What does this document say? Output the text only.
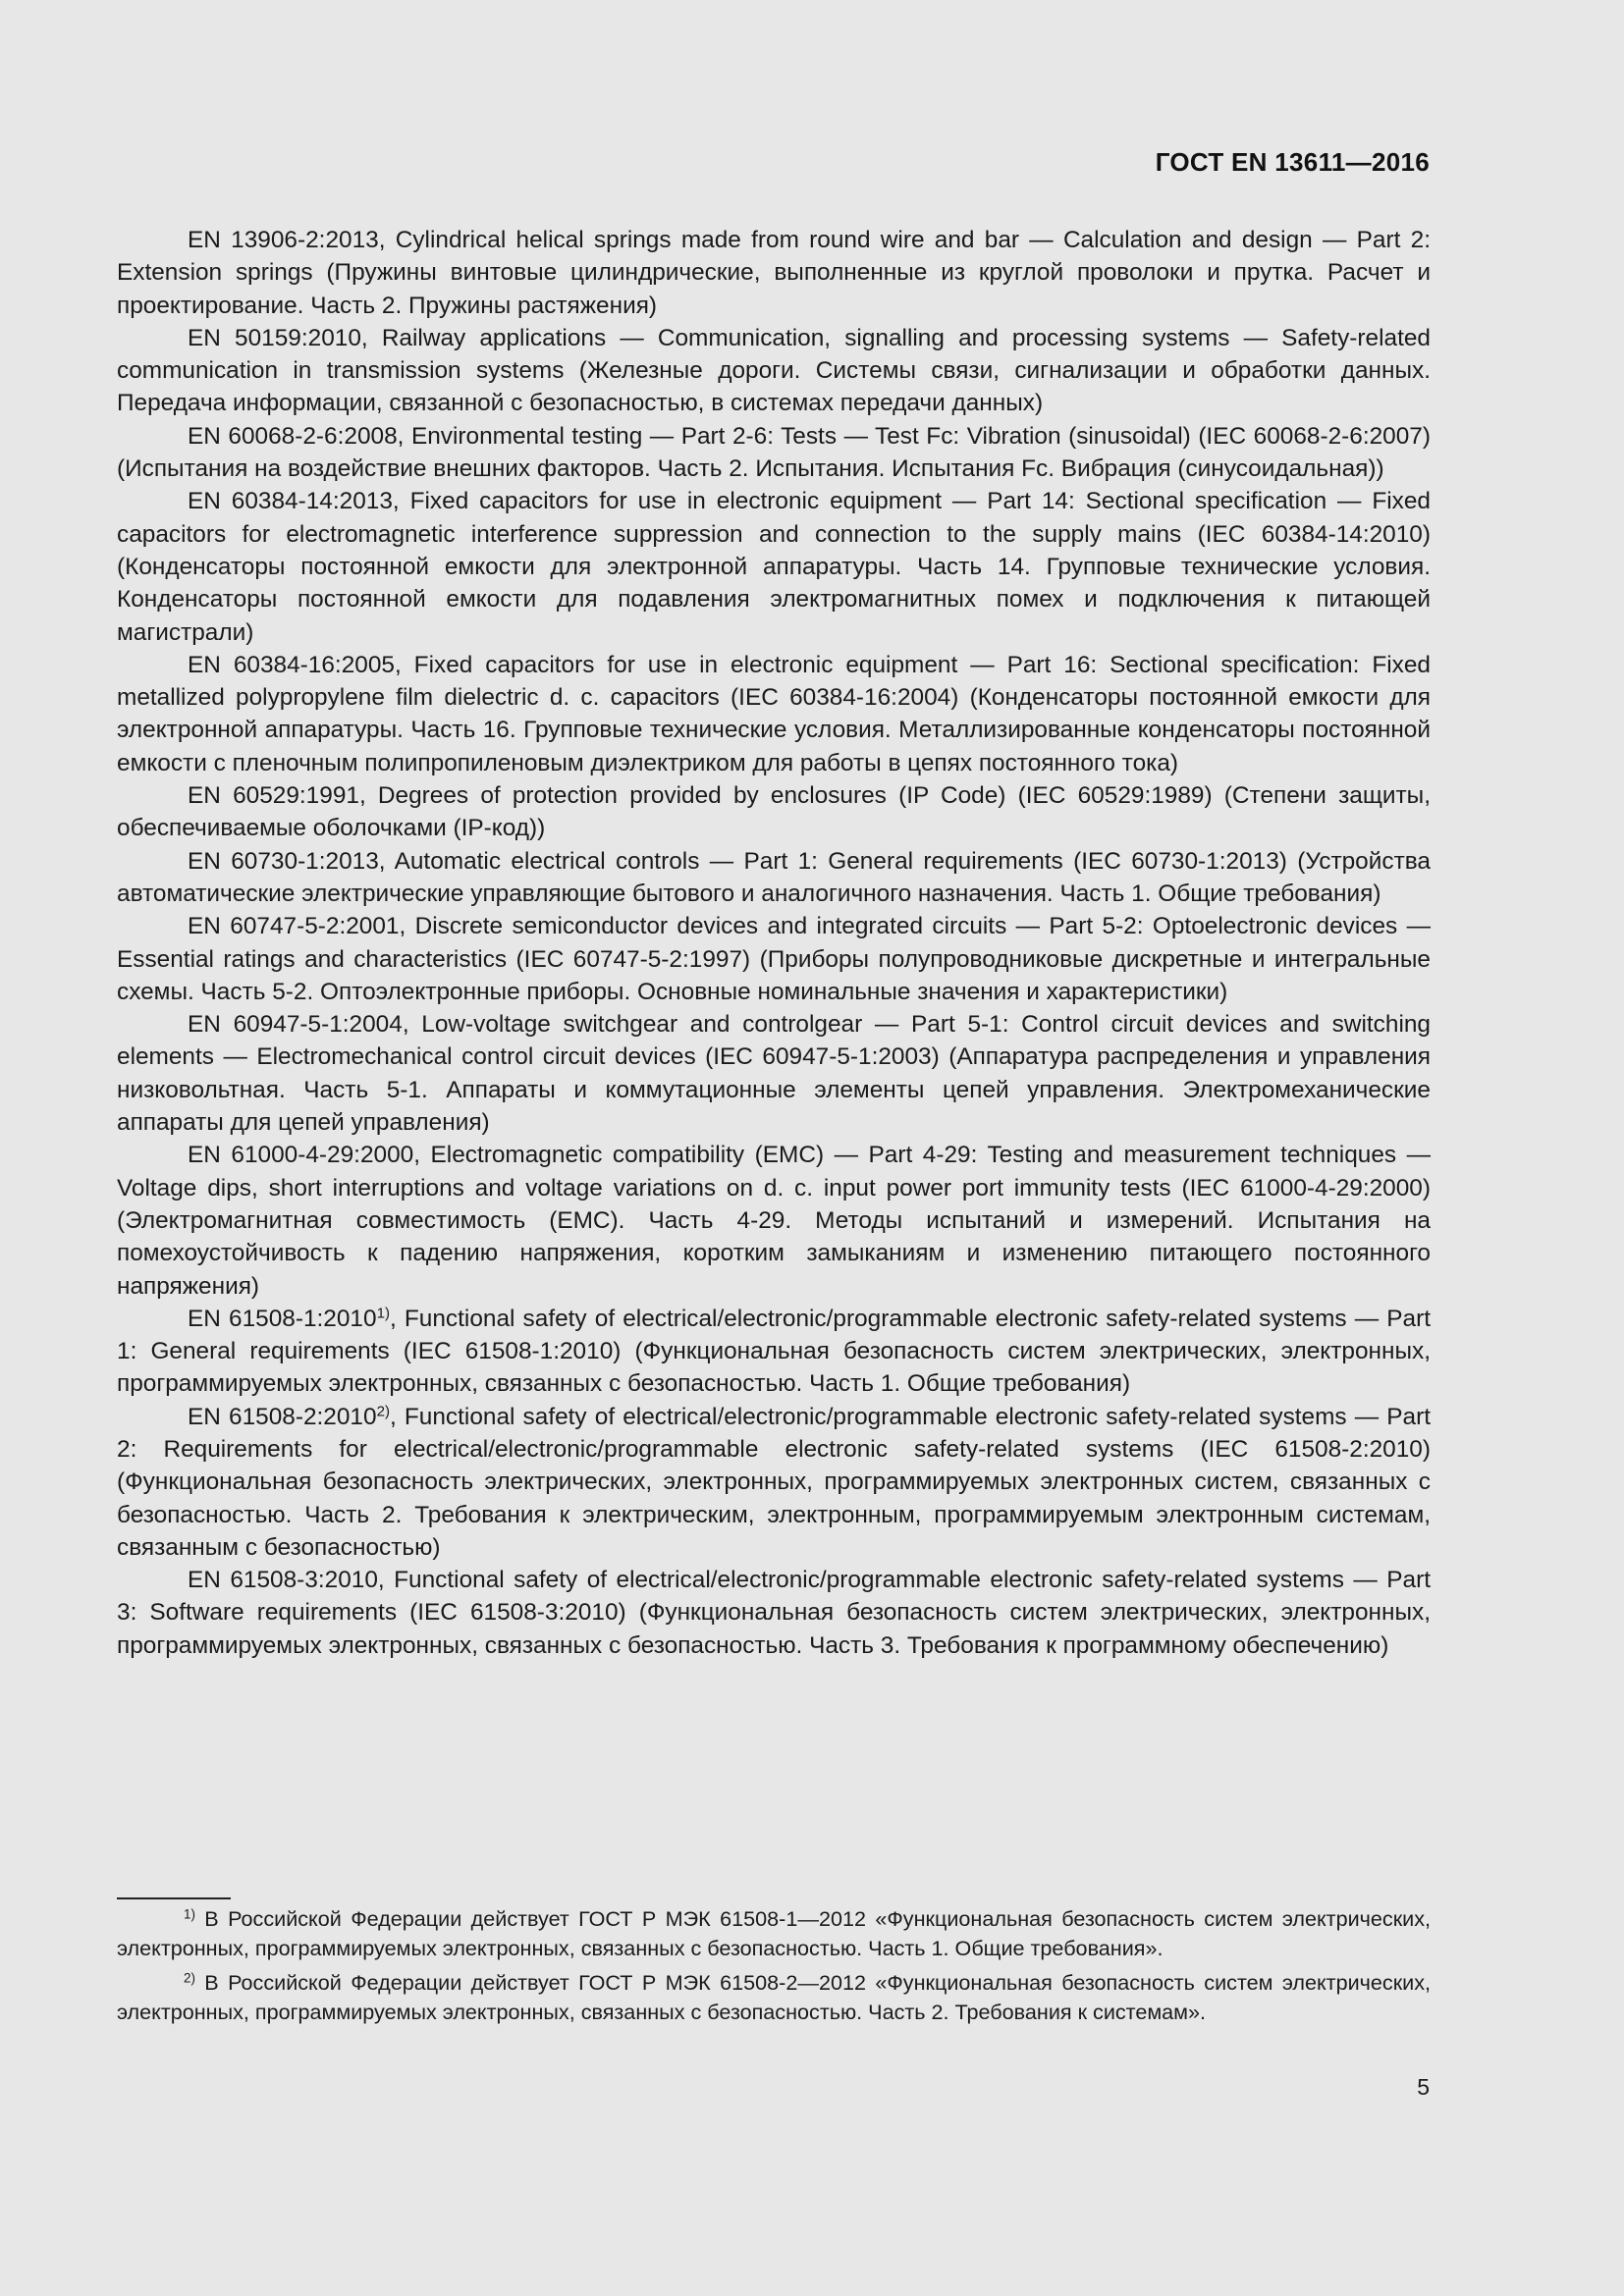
ГОСТ EN 13611—2016

EN 13906-2:2013, Cylindrical helical springs made from round wire and bar — Calculation and design — Part 2: Extension springs (Пружины винтовые цилиндрические, выполненные из круглой проволоки и прутка. Расчет и проектирование. Часть 2. Пружины растяжения)

EN 50159:2010, Railway applications — Communication, signalling and processing systems — Safety-related communication in transmission systems (Железные дороги. Системы связи, сигнализации и обработки данных. Передача информации, связанной с безопасностью, в системах передачи данных)

EN 60068-2-6:2008, Environmental testing — Part 2-6: Tests — Test Fc: Vibration (sinusoidal) (IEC 60068-2-6:2007) (Испытания на воздействие внешних факторов. Часть 2. Испытания. Испытания Fc. Вибрация (синусоидальная))

EN 60384-14:2013, Fixed capacitors for use in electronic equipment — Part 14: Sectional specification — Fixed capacitors for electromagnetic interference suppression and connection to the supply mains (IEC 60384-14:2010) (Конденсаторы постоянной емкости для электронной аппаратуры. Часть 14. Групповые технические условия. Конденсаторы постоянной емкости для подавления электромагнитных помех и подключения к питающей магистрали)

EN 60384-16:2005, Fixed capacitors for use in electronic equipment — Part 16: Sectional specification: Fixed metallized polypropylene film dielectric d. c. capacitors (IEC 60384-16:2004) (Конденсаторы постоянной емкости для электронной аппаратуры. Часть 16. Групповые технические условия. Металлизированные конденсаторы постоянной емкости с пленочным полипропиленовым диэлектриком для работы в цепях постоянного тока)

EN 60529:1991, Degrees of protection provided by enclosures (IP Code) (IEC 60529:1989) (Степени защиты, обеспечиваемые оболочками (IP-код))

EN 60730-1:2013, Automatic electrical controls — Part 1: General requirements (IEC 60730-1:2013) (Устройства автоматические электрические управляющие бытового и аналогичного назначения. Часть 1. Общие требования)

EN 60747-5-2:2001, Discrete semiconductor devices and integrated circuits — Part 5-2: Optoelectronic devices — Essential ratings and characteristics (IEC 60747-5-2:1997) (Приборы полупроводниковые дискретные и интегральные схемы. Часть 5-2. Оптоэлектронные приборы. Основные номинальные значения и характеристики)

EN 60947-5-1:2004, Low-voltage switchgear and controlgear — Part 5-1: Control circuit devices and switching elements — Electromechanical control circuit devices (IEC 60947-5-1:2003) (Аппаратура распределения и управления низковольтная. Часть 5-1. Аппараты и коммутационные элементы цепей управления. Электромеханические аппараты для цепей управления)

EN 61000-4-29:2000, Electromagnetic compatibility (EMC) — Part 4-29: Testing and measurement techniques — Voltage dips, short interruptions and voltage variations on d. c. input power port immunity tests (IEC 61000-4-29:2000) (Электромагнитная совместимость (ЕМС). Часть 4-29. Методы испытаний и измерений. Испытания на помехоустойчивость к падению напряжения, коротким замыканиям и изменению питающего постоянного напряжения)

EN 61508-1:2010$^{1)}$, Functional safety of electrical/electronic/programmable electronic safety-related systems — Part 1: General requirements (IEC 61508-1:2010) (Функциональная безопасность систем электрических, электронных, программируемых электронных, связанных с безопасностью. Часть 1. Общие требования)

EN 61508-2:2010$^{2)}$, Functional safety of electrical/electronic/programmable electronic safety-related systems — Part 2: Requirements for electrical/electronic/programmable electronic safety-related systems (IEC 61508-2:2010) (Функциональная безопасность электрических, электронных, программируемых электронных систем, связанных с безопасностью. Часть 2. Требования к электрическим, электронным, программируемым электронным системам, связанным с безопасностью)

EN 61508-3:2010, Functional safety of electrical/electronic/programmable electronic safety-related systems — Part 3: Software requirements (IEC 61508-3:2010) (Функциональная безопасность систем электрических, электронных, программируемых электронных, связанных с безопасностью. Часть 3. Требования к программному обеспечению)

$^{1)}$ В Российской Федерации действует ГОСТ Р МЭК 61508-1—2012 «Функциональная безопасность систем электрических, электронных, программируемых электронных, связанных с безопасностью. Часть 1. Общие требования».

$^{2)}$ В Российской Федерации действует ГОСТ Р МЭК 61508-2—2012 «Функциональная безопасность систем электрических, электронных, программируемых электронных, связанных с безопасностью. Часть 2. Требования к системам».

5
